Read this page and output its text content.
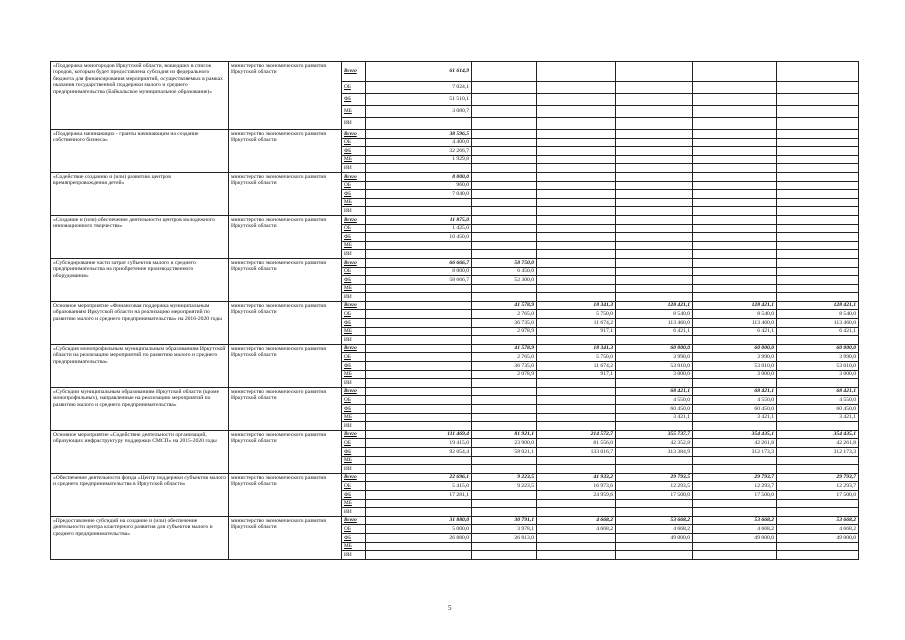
«Поддержка моногородов Иркутской области, вошедших в список городов, которым будет предоставлена субсидия из федерального бюджета для финансирования мероприятий, осуществляемых в рамках оказания государственной поддержки малого и среднего предпринимательства (Байкальское муниципальное образование)»	министерство экономического развития Иркутской области	Всего	61 614,9					
		ОБ	7 024,1					
		ФБ	51 510,1					
		МБ	3 080,7					
		ИИ						
«Поддержка начинающих - гранты начинающим на создание собственного бизнеса»	министерство экономического развития Иркутской области	Всего	38 596,5					
		ОБ	4 400,0					
		ФБ	32 266,7					
		МБ	1 929,8					
		ИИ						
«Содействие созданию и (или) развитию центров времяпрепровождения детей»	министерство экономического развития Иркутской области	Всего	8 000,0					
		ОБ	960,0					
		ФБ	7 040,0					
		МБ						
		ИИ						
«Создание и (или) обеспечение деятельности центров молодежного инновационного творчества»	министерство экономического развития Иркутской области	Всего	11 875,0					
		ОБ	1 425,0					
		ФБ	10 450,0					
		МБ						
		ИИ						
«Субсидирование части затрат субъектов малого и среднего предпринимательства на приобретение производственного оборудования»	министерство экономического развития Иркутской области	Всего	66 666,7	58 750,0				
		ОБ	8 000,0	6 450,0				
		ФБ	58 666,7	52 300,0				
		МБ						
		ИИ						
Основное мероприятие «Финансовая поддержка муниципальным образованиям Иркутской области на реализацию мероприятий по развитию малого и среднего предпринимательства» на 2016-2020 годы	министерство экономического развития Иркутской области	Всего		41 578,9	18 341,3	128 421,1	128 421,1	128 421,1
		ОБ		2 765,0	5 750,0	8 540,0	8 540,0	8 540,0
		ФБ		36 735,0	11 674,2	113 460,0	113 460,0	113 460,0
		МБ		2 078,9	917,1	6 421,1	6 421,1	6 421,1
		ИИ						
«Субсидия монопрофильным муниципальным образованиям Иркутской области на реализацию мероприятий по развитию малого и среднего предпринимательства»	министерство экономического развития Иркутской области	Всего		41 578,9	18 341,3	60 000,0	60 000,0	60 000,0
		ОБ		2 765,0	5 750,0	3 990,0	3 990,0	3 990,0
		ФБ		36 735,0	11 674,2	53 010,0	53 010,0	53 010,0
		МБ		2 078,9	917,1	3 000,0	3 000,0	3 000,0
		ИИ						
«Субсидии муниципальным образованиям Иркутской области (кроме монопрофильных), направленные на реализацию мероприятий по развитию малого и среднего предпринимательства»	министерство экономического развития Иркутской области	Всего				68 421,1	68 421,1	68 421,1
		ОБ				4 550,0	4 550,0	4 550,0
		ФБ				60 450,0	60 450,0	60 450,0
		МБ				3 421,1	3 421,1	3 421,1
		ИИ						
Основное мероприятие «Содействие деятельности организаций, образующих инфраструктуру поддержки СМСП» на 2015-2020 годы	министерство экономического развития Иркутской области	Всего	111 469,4	81 921,1	214 572,7	355 737,7	354 435,1	354 435,1
		ОБ	19 415,0	23 900,0	81 556,0	42 352,8	42 261,8	42 261,8
		ФБ	92 054,4	58 021,1	133 016,7	313 384,9	312 173,3	312 173,3
		МБ						
		ИИ						
«Обеспечение деятельности фонда «Центр поддержки субъектов малого и среднего предпринимательства в Иркутской области»	министерство экономического развития Иркутской области	Всего	22 696,1	9 223,5	41 933,2	29 793,5	29 793,7	29 793,7
		ОБ	5 415,0	9 223,5	16 973,6	12 293,5	12 293,7	12 293,7
		ФБ	17 281,1		24 959,6	17 500,0	17 500,0	17 500,0
		МБ						
		ИИ						
«Предоставление субсидий на создание и (или) обеспечение деятельности центра кластерного развития для субъектов малого и среднего предпринимательства»	министерство экономического развития Иркутской области	Всего	31 880,0	30 791,1	4 668,2	53 668,2	53 668,2	53 668,2
		ОБ	5 000,0	3 978,1	4 668,2	4 668,2	4 668,2	4 668,2
		ФБ	26 880,0	26 813,0		49 000,0	49 000,0	49 000,0
		МБ						
		ИИ						
5
